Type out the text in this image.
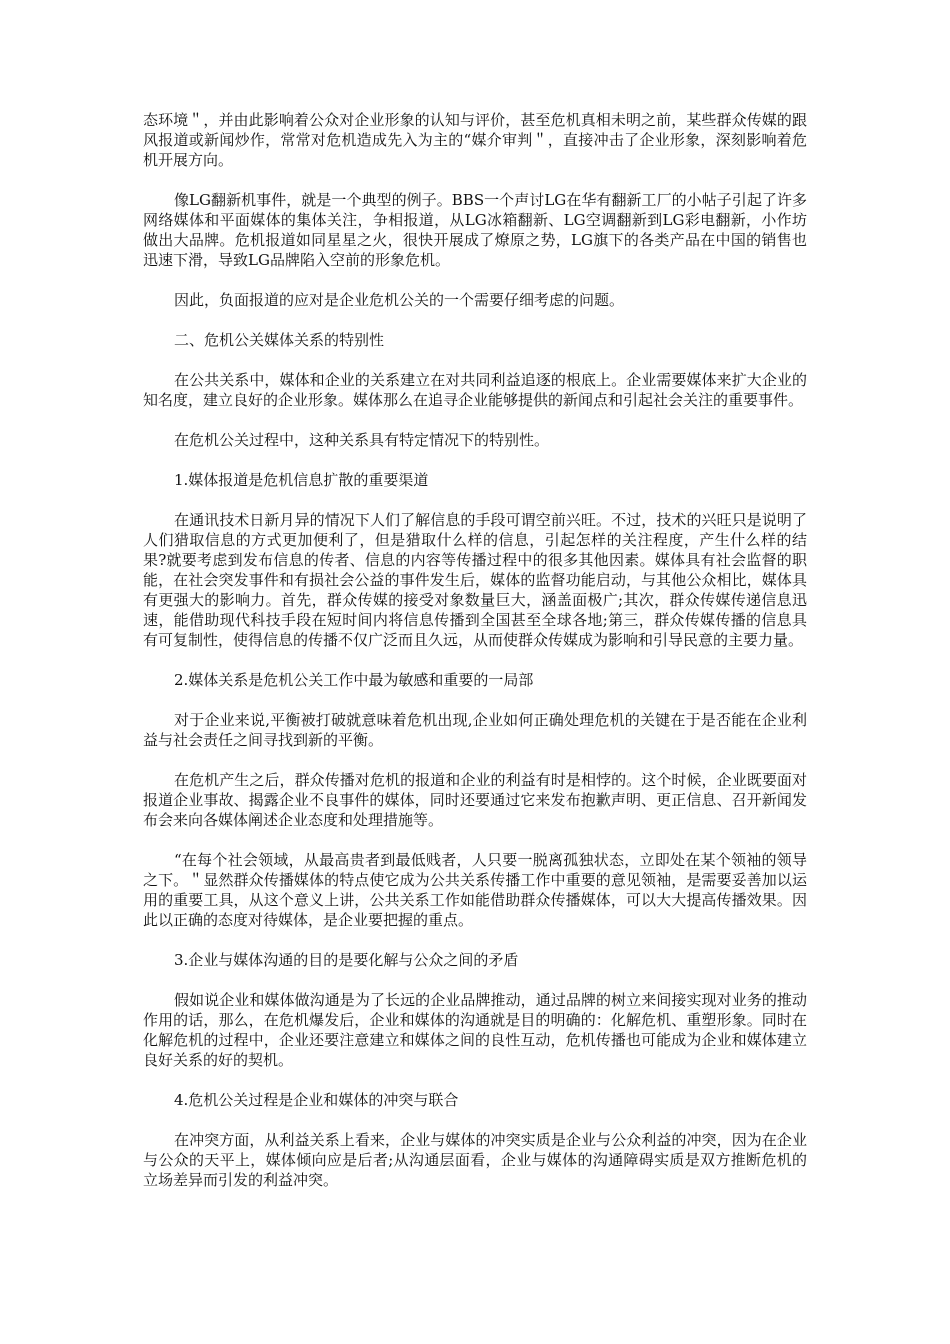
态环境＂，并由此影响着公众对企业形象的认知与评价，甚至危机真相未明之前，某些群众传媒的跟风报道或新闻炒作，常常对危机造成先入为主的“媒介审判＂，直接冲击了企业形象，深刻影响着危机开展方向。

像LG翻新机事件，就是一个典型的例子。BBS一个声讨LG在华有翻新工厂的小帖子引起了许多网络媒体和平面媒体的集体关注，争相报道，从LG冰箱翻新、LG空调翻新到LG彩电翻新，小作坊做出大品牌。危机报道如同星星之火，很快开展成了燎原之势，LG旗下的各类产品在中国的销售也迅速下滑，导致LG品牌陷入空前的形象危机。

因此，负面报道的应对是企业危机公关的一个需要仔细考虑的问题。

二、危机公关媒体关系的特别性

在公共关系中，媒体和企业的关系建立在对共同利益追逐的根底上。企业需要媒体来扩大企业的知名度，建立良好的企业形象。媒体那么在追寻企业能够提供的新闻点和引起社会关注的重要事件。

在危机公关过程中，这种关系具有特定情况下的特别性。

1.媒体报道是危机信息扩散的重要渠道

在通讯技术日新月异的情况下人们了解信息的手段可谓空前兴旺。不过，技术的兴旺只是说明了人们猎取信息的方式更加便利了，但是猎取什么样的信息，引起怎样的关注程度，产生什么样的结果?就要考虑到发布信息的传者、信息的内容等传播过程中的很多其他因素。媒体具有社会监督的职能，在社会突发事件和有损社会公益的事件发生后，媒体的监督功能启动，与其他公众相比，媒体具有更强大的影响力。首先，群众传媒的接受对象数量巨大，涵盖面极广;其次，群众传媒传递信息迅速，能借助现代科技手段在短时间内将信息传播到全国甚至全球各地;第三，群众传媒传播的信息具有可复制性，使得信息的传播不仅广泛而且久远，从而使群众传媒成为影响和引导民意的主要力量。

2.媒体关系是危机公关工作中最为敏感和重要的一局部

对于企业来说,平衡被打破就意味着危机出现,企业如何正确处理危机的关键在于是否能在企业利益与社会责任之间寻找到新的平衡。

在危机产生之后，群众传播对危机的报道和企业的利益有时是相悖的。这个时候，企业既要面对报道企业事故、揭露企业不良事件的媒体，同时还要通过它来发布抱歉声明、更正信息、召开新闻发布会来向各媒体阐述企业态度和处理措施等。

“在每个社会领域，从最高贵者到最低贱者，人只要一脱离孤独状态，立即处在某个领袖的领导之下。＂显然群众传播媒体的特点使它成为公共关系传播工作中重要的意见领袖，是需要妥善加以运用的重要工具，从这个意义上讲，公共关系工作如能借助群众传播媒体，可以大大提高传播效果。因此以正确的态度对待媒体，是企业要把握的重点。

3.企业与媒体沟通的目的是要化解与公众之间的矛盾

假如说企业和媒体做沟通是为了长远的企业品牌推动，通过品牌的树立来间接实现对业务的推动作用的话，那么，在危机爆发后，企业和媒体的沟通就是目的明确的：化解危机、重塑形象。同时在化解危机的过程中，企业还要注意建立和媒体之间的良性互动，危机传播也可能成为企业和媒体建立良好关系的好的契机。

4.危机公关过程是企业和媒体的冲突与联合

在冲突方面，从利益关系上看来，企业与媒体的冲突实质是企业与公众利益的冲突，因为在企业与公众的天平上，媒体倾向应是后者;从沟通层面看，企业与媒体的沟通障碍实质是双方推断危机的立场差异而引发的利益冲突。
